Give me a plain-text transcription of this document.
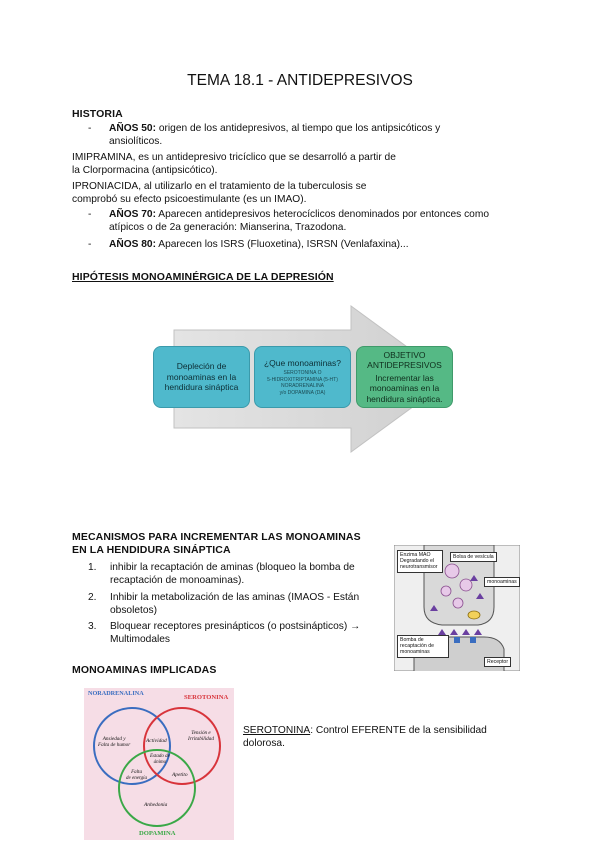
TEMA 18.1 - ANTIDEPRESIVOS
HISTORIA
- AÑOS 50: origen de los antidepresivos, al tiempo que los antipsicóticos y
ansiolíticos.
IMIPRAMINA, es un antidepresivo tricíclico que se desarrolló a partir de
la Clorpormacina (antipsicótico).
IPRONIACIDA, al utilizarlo en el tratamiento de la tuberculosis se
comprobó su efecto psicoestimulante (es un IMAO).
- AÑOS 70: Aparecen antidepresivos heterocíclicos denominados por entonces como
atípicos o de 2a generación: Mianserina, Trazodona.
- AÑOS 80: Aparecen los ISRS (Fluoxetina), ISRSN (Venlafaxina)...
HIPÓTESIS MONOAMINÉRGICA DE LA DEPRESIÓN
Depleción de
monoaminas en la
hendidura sináptica
¿Que monoaminas?
SEROTONINA O
5-HIDROXITRIPTAMINA (5-HT)
NORADRENALINA
y/o DOPAMINA (DA)
OBJETIVO
ANTIDEPRESIVOS
Incrementar las
monoaminas en la
hendidura sináptica.
MECANISMOS PARA INCREMENTAR LAS MONOAMINAS
EN LA HENDIDURA SINÁPTICA
1. inhibir la recaptación de aminas (bloqueo la bomba de recaptación de monoaminas).
2. Inhibir la metabolización de las aminas (IMAOS - Están obsoletos)
3. Bloquear receptores presinápticos (o postsinápticos) → Multimodales
Enzima MAO
Degradando el
neurotransmisor
Bolsa de vesícula
monoaminas
Bomba de
recaptación de
monoaminas
Receptor
MONOAMINAS IMPLICADAS
NORADRENALINA
SEROTONINA
DOPAMINA
Ansiedad y
Falta de humor
Tensión e
Irritabilidad
Actividad
Estado de
ánimo
Falta
de energía
Apetito
Anhedonia
SEROTONINA: Control EFERENTE de la sensibilidad
dolorosa.
